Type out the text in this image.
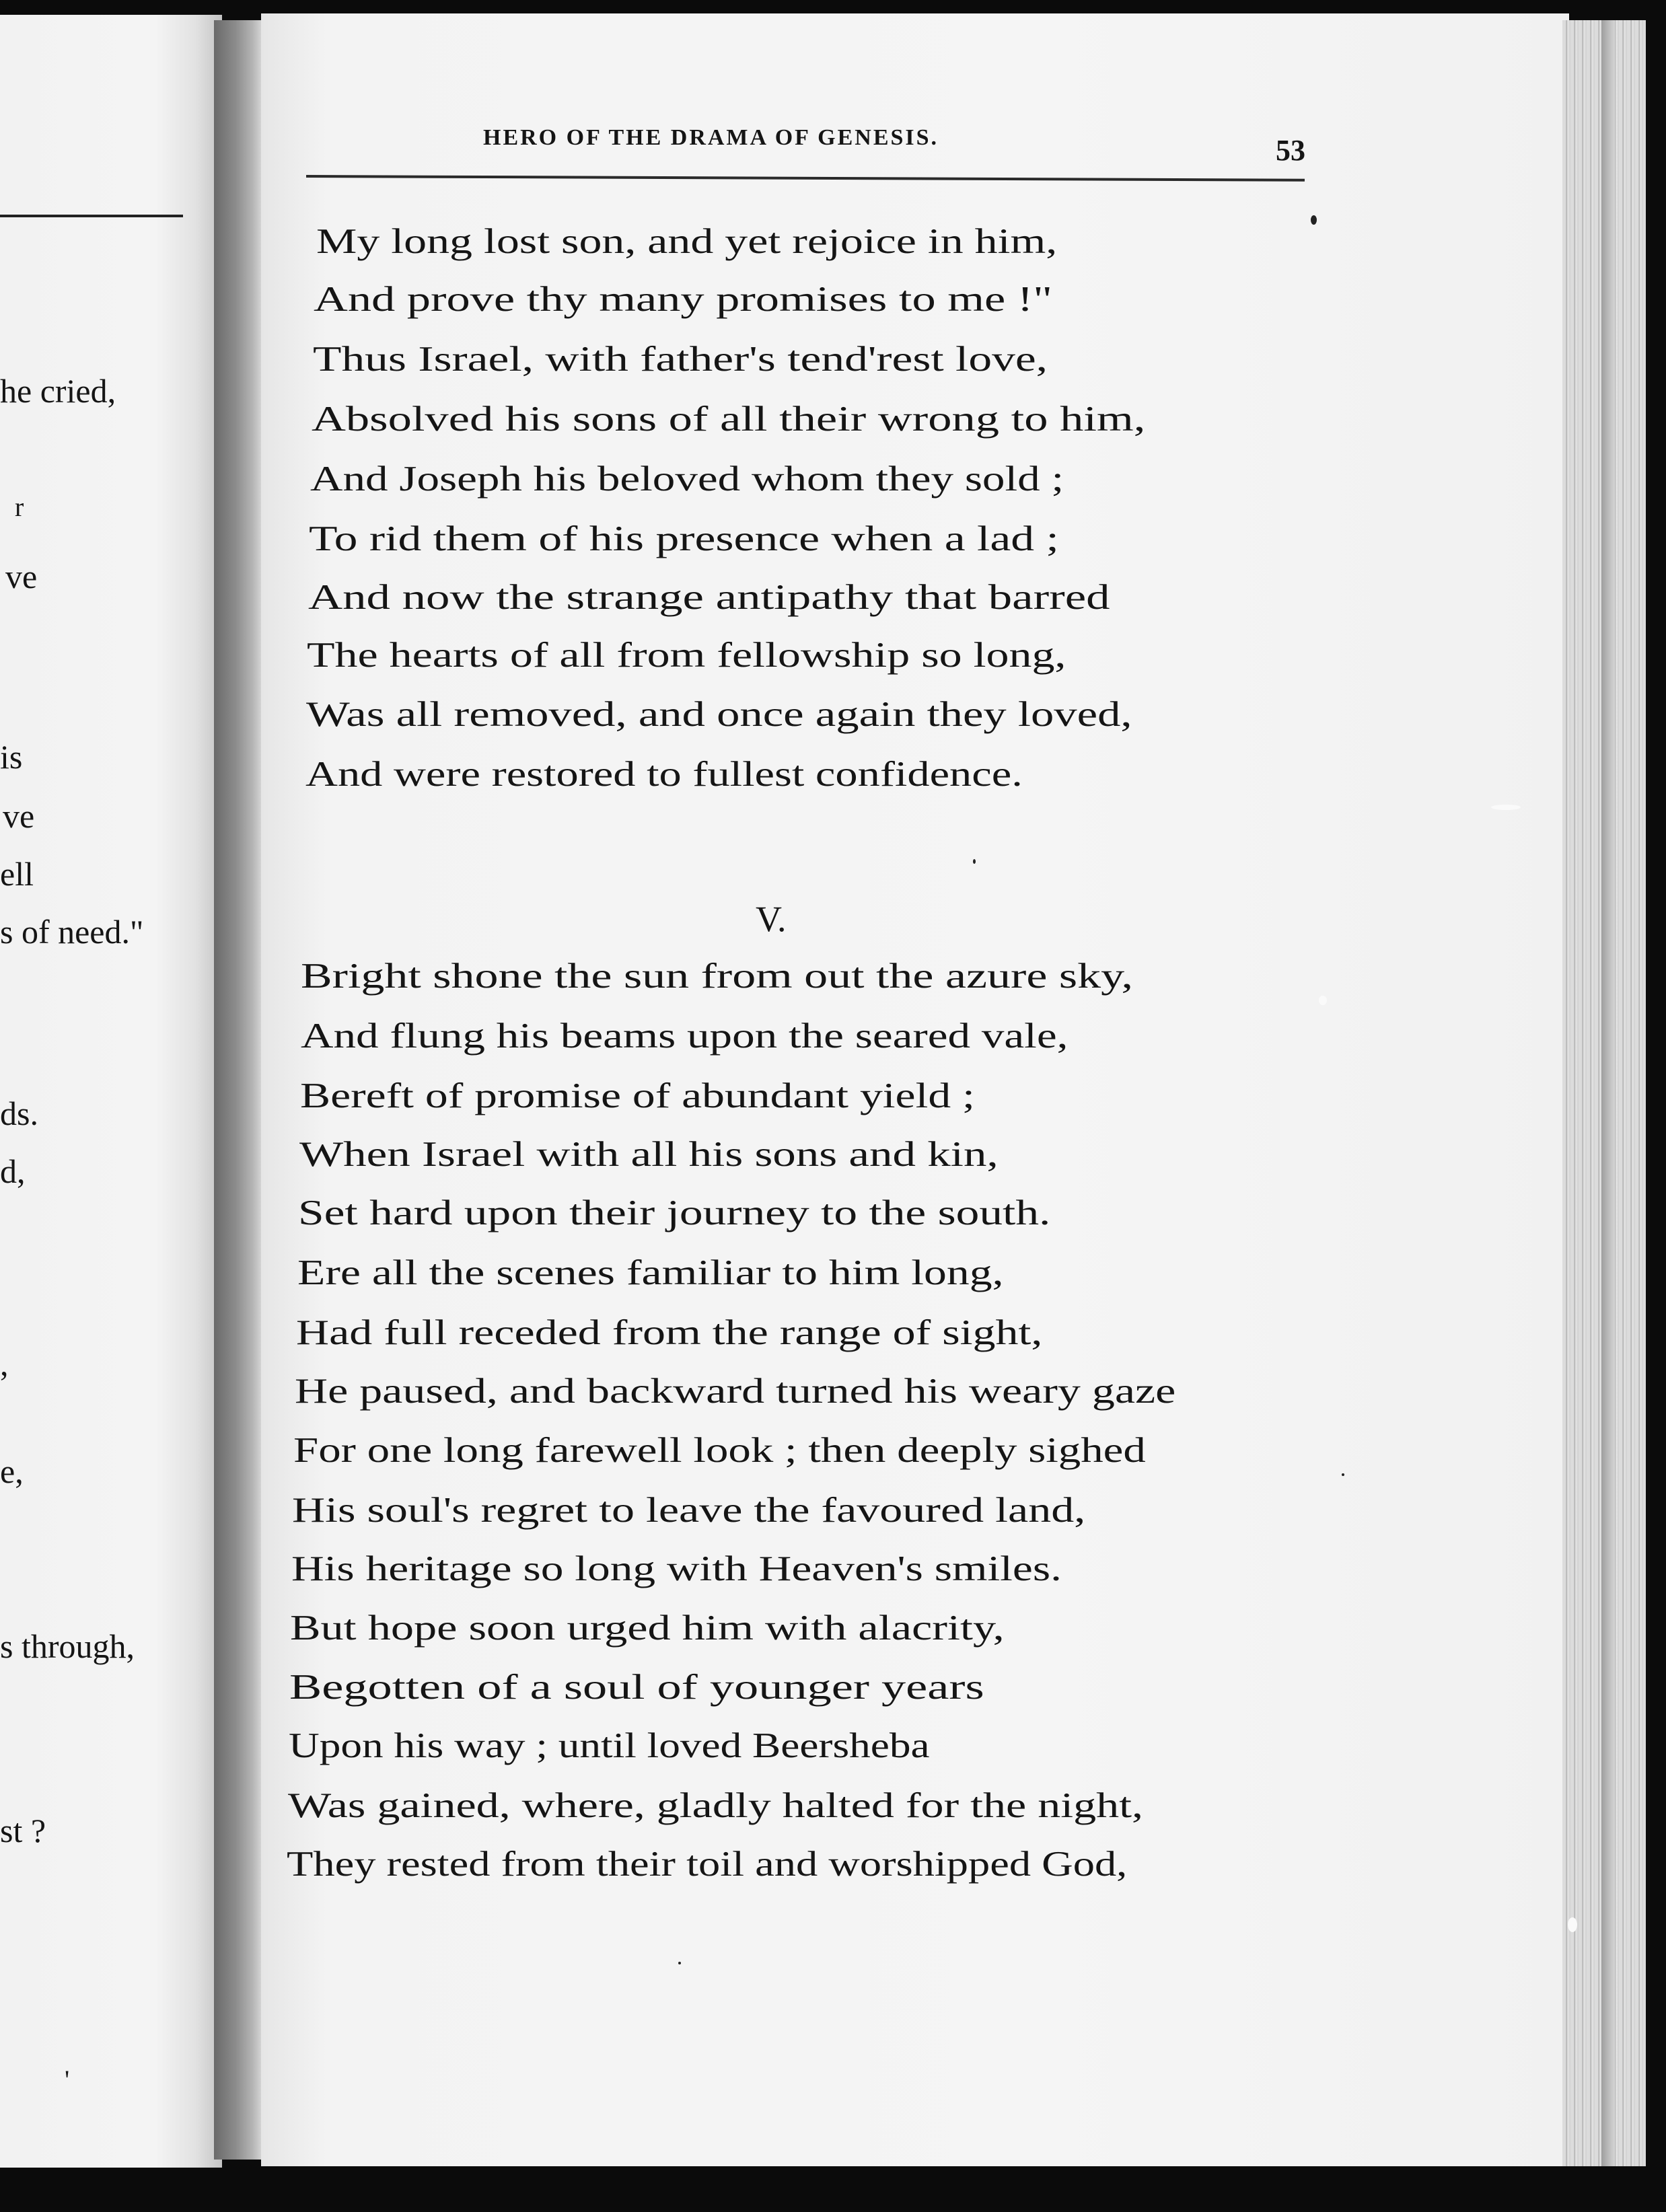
he cried,
r
ve
is
ve
ell
s of need."
ds.
d,
,
e,
s through,
st ?
'
HERO OF THE DRAMA OF GENESIS.	53
My long lost son, and yet rejoice in him,
And prove thy many promises to me !"
Thus Israel, with father's tend'rest love,
Absolved his sons of all their wrong to him,
And Joseph his beloved whom they sold ;
To rid them of his presence when a lad ;
And now the strange antipathy that barred
The hearts of all from fellowship so long,
Was all removed, and once again they loved,
And were restored to fullest confidence.
V.
Bright shone the sun from out the azure sky,
And flung his beams upon the seared vale,
Bereft of promise of abundant yield ;
When Israel with all his sons and kin,
Set hard upon their journey to the south.
Ere all the scenes familiar to him long,
Had full receded from the range of sight,
He paused, and backward turned his weary gaze
For one long farewell look ; then deeply sighed
His soul's regret to leave the favoured land,
His heritage so long with Heaven's smiles.
But hope soon urged him with alacrity,
Begotten of a soul of younger years
Upon his way ; until loved Beersheba
Was gained, where, gladly halted for the night,
They rested from their toil and worshipped God,
